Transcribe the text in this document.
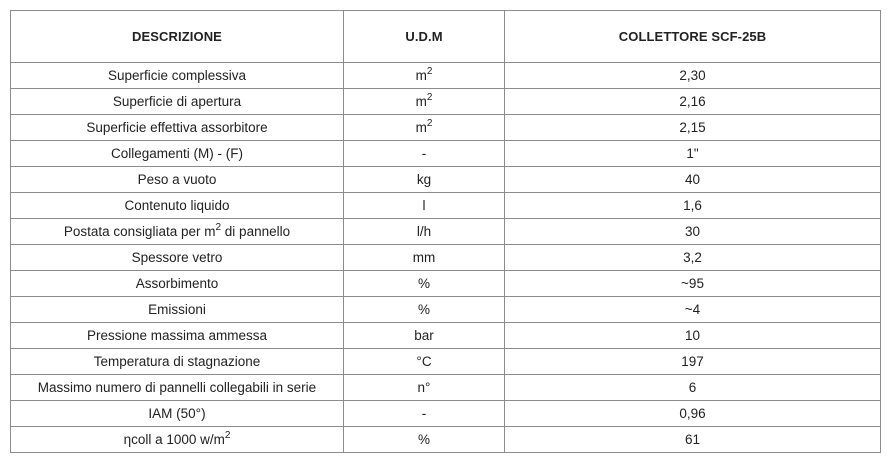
DESCRIZIONE	U.D.M	COLLETTORE SCF-25B
Superficie complessiva	$m^2$	2,30
Superficie di apertura	$m^2$	2,16
Superficie effettiva assorbitore	$m^2$	2,15
Collegamenti (M) - (F)	-	1"
Peso a vuoto	kg	40
Contenuto liquido	l	1,6
Postata consigliata per $m^2$ di pannello	l/h	30
Spessore vetro	mm	3,2
Assorbimento	%	~95
Emissioni	%	~4
Pressione massima ammessa	bar	10
Temperatura di stagnazione	°C	197
Massimo numero di pannelli collegabili in serie	n°	6
IAM (50°)	-	0,96
ηcoll a 1000 $w/m^2$	%	61
